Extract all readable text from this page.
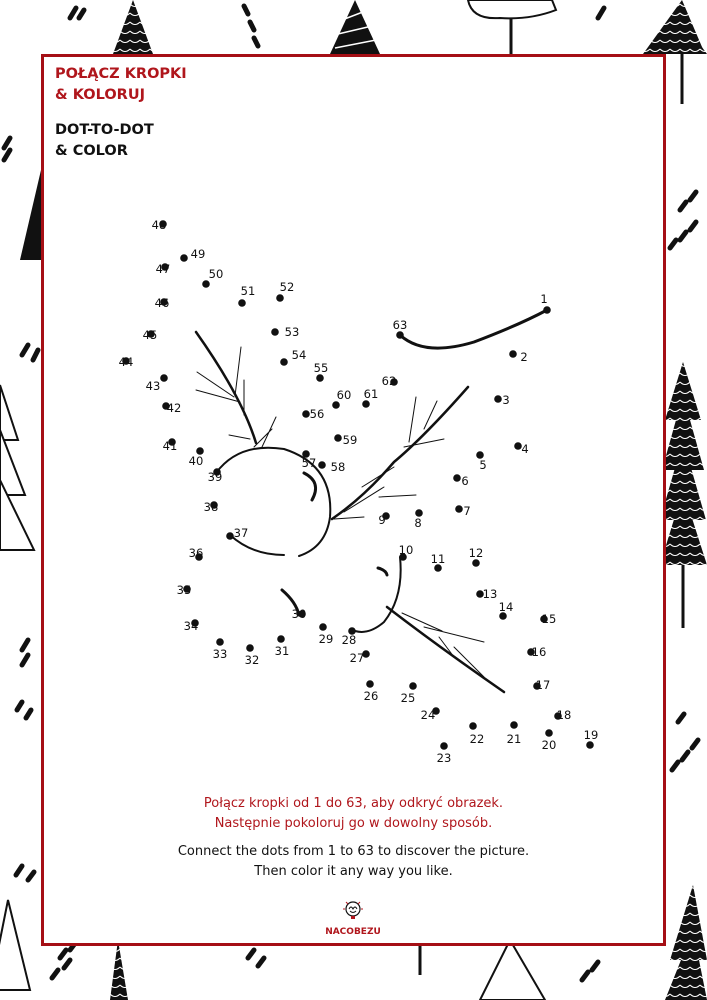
POŁĄCZ KROPKI
& KOLORUJ

DOT-TO-DOT
& COLOR

1
2
3
4
5
6
7
8
9
10
11 12
13
14
15
16
17
18
19
20
21
22
23
24
25
26
27
28
29
30
31
32
33
34
35
36
37
38
39
40
41
42
43
44
45
46
47
48
49
50
51 52
53
54
55
56
57 58
59
60 61
62
63

Połącz kropki od 1 do 63, aby odkryć obrazek.
Następnie pokoloruj go w dowolny sposób.

Connect the dots from 1 to 63 to discover the picture.
Then color it any way you like.

NACOBEZU
